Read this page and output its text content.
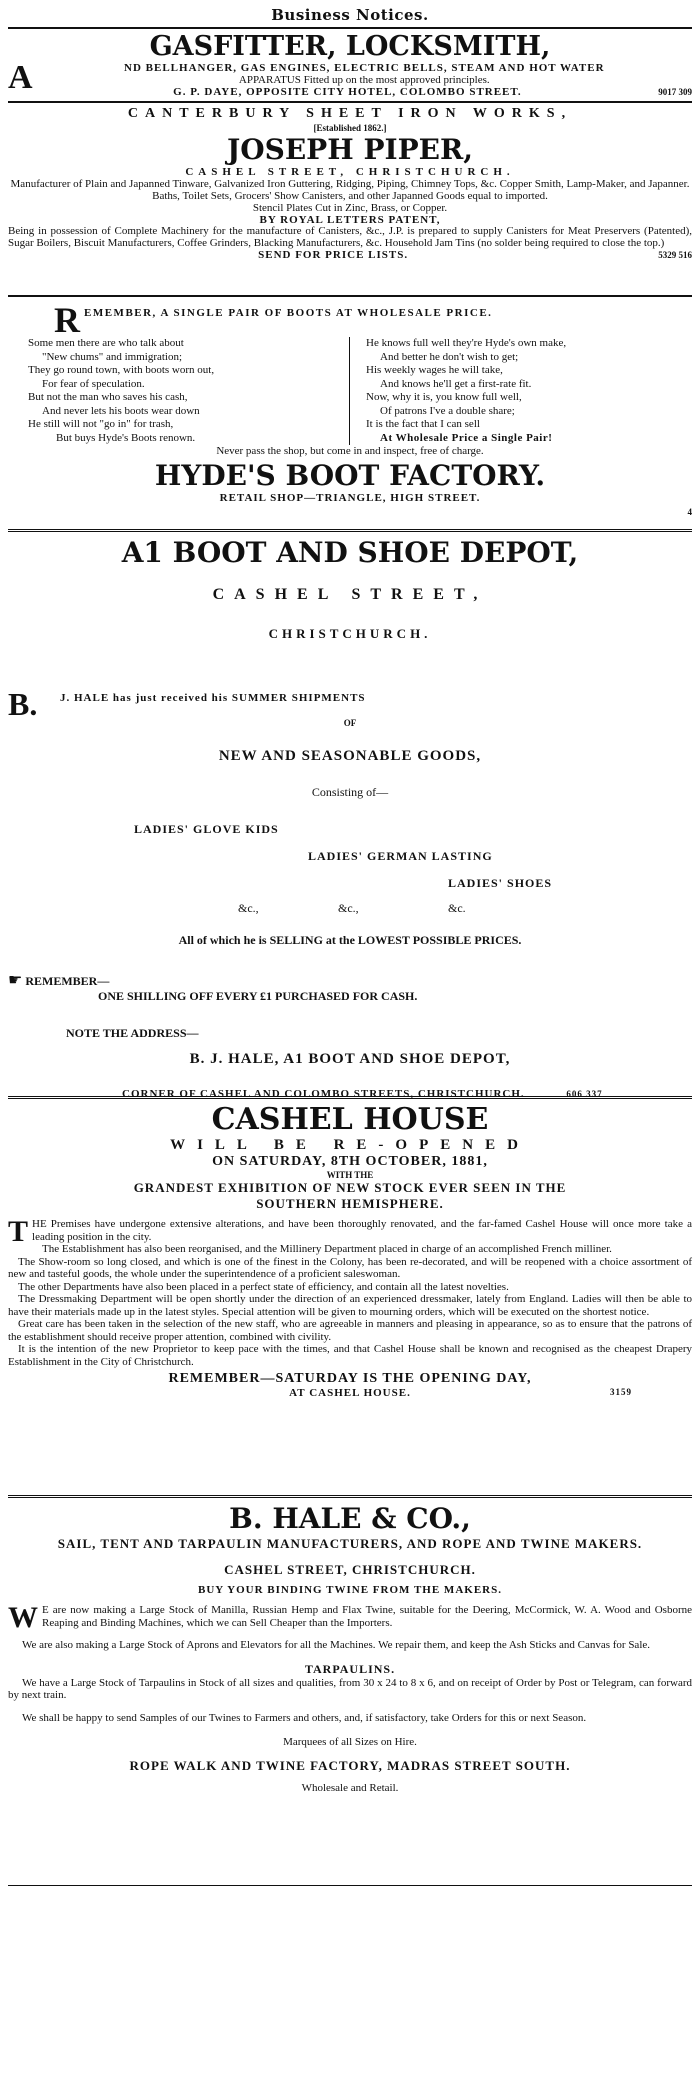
Business Notices.
GASFITTER, LOCKSMITH,
A	ND BELLHANGER, GAS ENGINES, ELECTRIC BELLS, STEAM AND HOT WATER
APPARATUS Fitted up on the most approved principles.
G. P. DAYE, OPPOSITE CITY HOTEL, COLOMBO STREET.	9017 309
CANTERBURY SHEET IRON WORKS,
[Established 1862.]
JOSEPH PIPER,
CASHEL STREET, CHRISTCHURCH.
Manufacturer of Plain and Japanned Tinware, Galvanized Iron Guttering, Ridging, Piping, Chimney Tops, &c. Copper Smith, Lamp-Maker, and Japanner.
Baths, Toilet Sets, Grocers' Show Canisters, and other Japanned Goods equal to imported.
Stencil Plates Cut in Zinc, Brass, or Copper.
BY ROYAL LETTERS PATENT,
Being in possession of Complete Machinery for the manufacture of Canisters, &c., J.P. is prepared to supply Canisters for Meat Preservers (Patented), Sugar Boilers, Biscuit Manufacturers, Coffee Grinders, Blacking Manufacturers, &c. Household Jam Tins (no solder being required to close the top.)
SEND FOR PRICE LISTS.	5329 516
R EMEMBER, A SINGLE PAIR OF BOOTS AT WHOLESALE PRICE.
Some men there are who talk about
"New chums" and immigration;
They go round town, with boots worn out,
For fear of speculation.
But not the man who saves his cash,
And never lets his boots wear down
He still will not "go in" for trash,
But buys Hyde's Boots renown.
He knows full well they're Hyde's own make,
And better he don't wish to get;
His weekly wages he will take,
And knows he'll get a first-rate fit.
Now, why it is, you know full well,
Of patrons I've a double share;
It is the fact that I can sell
At Wholesale Price a Single Pair!
Never pass the shop, but come in and inspect, free of charge.
HYDE'S BOOT FACTORY.
RETAIL SHOP—TRIANGLE, HIGH STREET.
4
A1 BOOT AND SHOE DEPOT,
CASHEL STREET,
CHRISTCHURCH.
B. J. HALE has just received his SUMMER SHIPMENTS
OF
NEW AND SEASONABLE GOODS,
Consisting of—
LADIES' GLOVE KIDS
LADIES' GERMAN LASTING
LADIES' SHOES
&c.,	&c.,	&c.
All of which he is SELLING at the LOWEST POSSIBLE PRICES.
☛ REMEMBER—
ONE SHILLING OFF EVERY £1 PURCHASED FOR CASH.
NOTE THE ADDRESS—
B. J. HALE, A1 BOOT AND SHOE DEPOT,
CORNER OF CASHEL AND COLOMBO STREETS, CHRISTCHURCH.	606 337
CASHEL HOUSE
WILL BE RE-OPENED
ON SATURDAY, 8TH OCTOBER, 1881,
WITH THE
GRANDEST EXHIBITION OF NEW STOCK EVER SEEN IN THE
SOUTHERN HEMISPHERE.
T HE Premises have undergone extensive alterations, and have been thoroughly renovated, and the far-famed Cashel House will once more take a leading position in the city.
The Establishment has also been reorganised, and the Millinery Department placed in charge of an accomplished French milliner.
The Show-room so long closed, and which is one of the finest in the Colony, has been re-decorated, and will be reopened with a choice assortment of new and tasteful goods, the whole under the superintendence of a proficient saleswoman.
The other Departments have also been placed in a perfect state of efficiency, and contain all the latest novelties.
The Dressmaking Department will be open shortly under the direction of an experienced dressmaker, lately from England. Ladies will then be able to have their materials made up in the latest styles. Special attention will be given to mourning orders, which will be executed on the shortest notice.
Great care has been taken in the selection of the new staff, who are agreeable in manners and pleasing in appearance, so as to ensure that the patrons of the establishment should receive proper attention, combined with civility.
It is the intention of the new Proprietor to keep pace with the times, and that Cashel House shall be known and recognised as the cheapest Drapery Establishment in the City of Christchurch.
REMEMBER—SATURDAY IS THE OPENING DAY,
AT CASHEL HOUSE.	3159
B. HALE & CO.,
SAIL, TENT AND TARPAULIN MANUFACTURERS, AND ROPE AND TWINE MAKERS.
CASHEL STREET, CHRISTCHURCH.
BUY YOUR BINDING TWINE FROM THE MAKERS.
W E are now making a Large Stock of Manilla, Russian Hemp and Flax Twine, suitable for the Deering, McCormick, W. A. Wood and Osborne Reaping and Binding Machines, which we can Sell Cheaper than the Importers.
We are also making a Large Stock of Aprons and Elevators for all the Machines. We repair them, and keep the Ash Sticks and Canvas for Sale.
TARPAULINS.
We have a Large Stock of Tarpaulins in Stock of all sizes and qualities, from 30 x 24 to 8 x 6, and on receipt of Order by Post or Telegram, can forward by next train.
We shall be happy to send Samples of our Twines to Farmers and others, and, if satisfactory, take Orders for this or next Season.
Marquees of all Sizes on Hire.
ROPE WALK AND TWINE FACTORY, MADRAS STREET SOUTH.
Wholesale and Retail.
